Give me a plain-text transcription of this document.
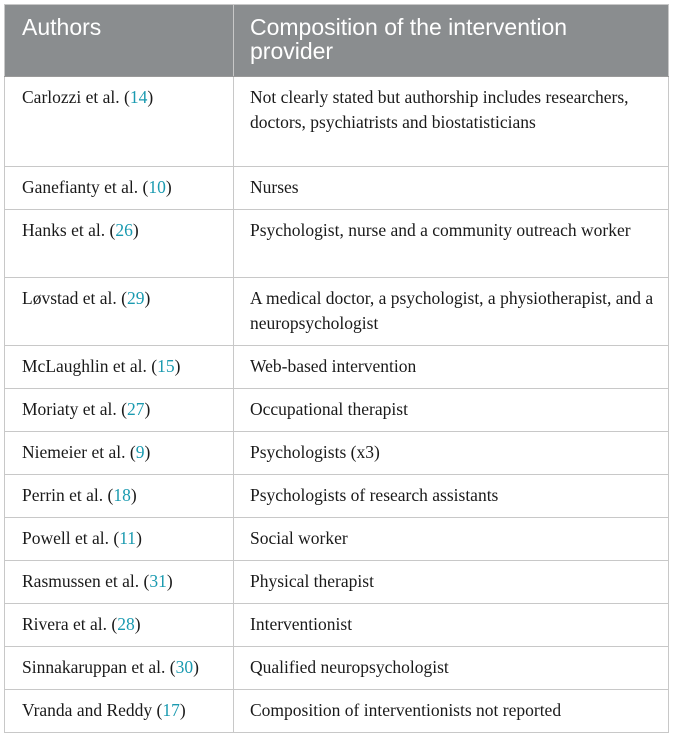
Authors	Composition of the intervention provider
Carlozzi et al. (14)	Not clearly stated but authorship includes researchers, doctors, psychiatrists and biostatisticians
Ganefianty et al. (10)	Nurses
Hanks et al. (26)	Psychologist, nurse and a community outreach worker
Løvstad et al. (29)	A medical doctor, a psychologist, a physiotherapist, and a neuropsychologist
McLaughlin et al. (15)	Web-based intervention
Moriaty et al. (27)	Occupational therapist
Niemeier et al. (9)	Psychologists (x3)
Perrin et al. (18)	Psychologists of research assistants
Powell et al. (11)	Social worker
Rasmussen et al. (31)	Physical therapist
Rivera et al. (28)	Interventionist
Sinnakaruppan et al. (30)	Qualified neuropsychologist
Vranda and Reddy (17)	Composition of interventionists not reported
